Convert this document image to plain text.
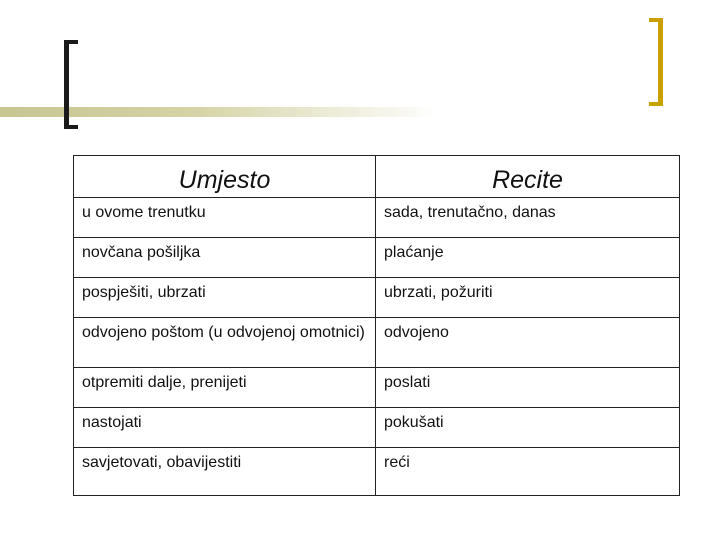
Umjesto	Recite
u ovome trenutku	sada, trenutačno, danas
novčana pošiljka	plaćanje
pospješiti, ubrzati	ubrzati, požuriti
odvojeno poštom (u odvojenoj omotnici)	odvojeno
otpremiti dalje, prenijeti	poslati
nastojati	pokušati
savjetovati, obavijestiti	reći
